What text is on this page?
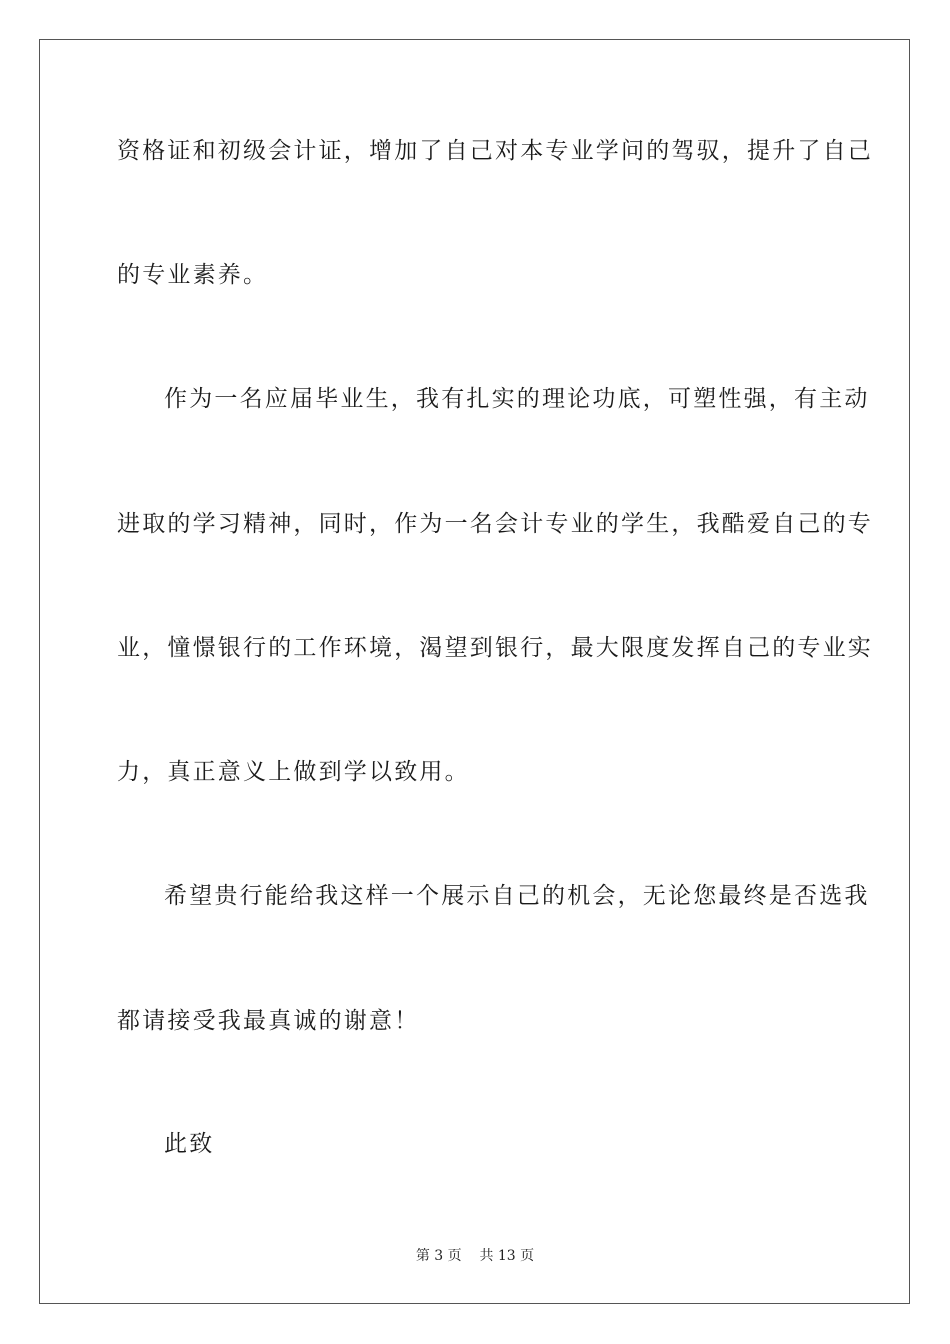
资格证和初级会计证，增加了自己对本专业学问的驾驭，提升了自己
的专业素养。
作为一名应届毕业生，我有扎实的理论功底，可塑性强，有主动
进取的学习精神，同时，作为一名会计专业的学生，我酷爱自己的专
业，憧憬银行的工作环境，渴望到银行，最大限度发挥自己的专业实
力，真正意义上做到学以致用。
希望贵行能给我这样一个展示自己的机会，无论您最终是否选我
都请接受我最真诚的谢意！
此致
第 3 页 共 13 页
